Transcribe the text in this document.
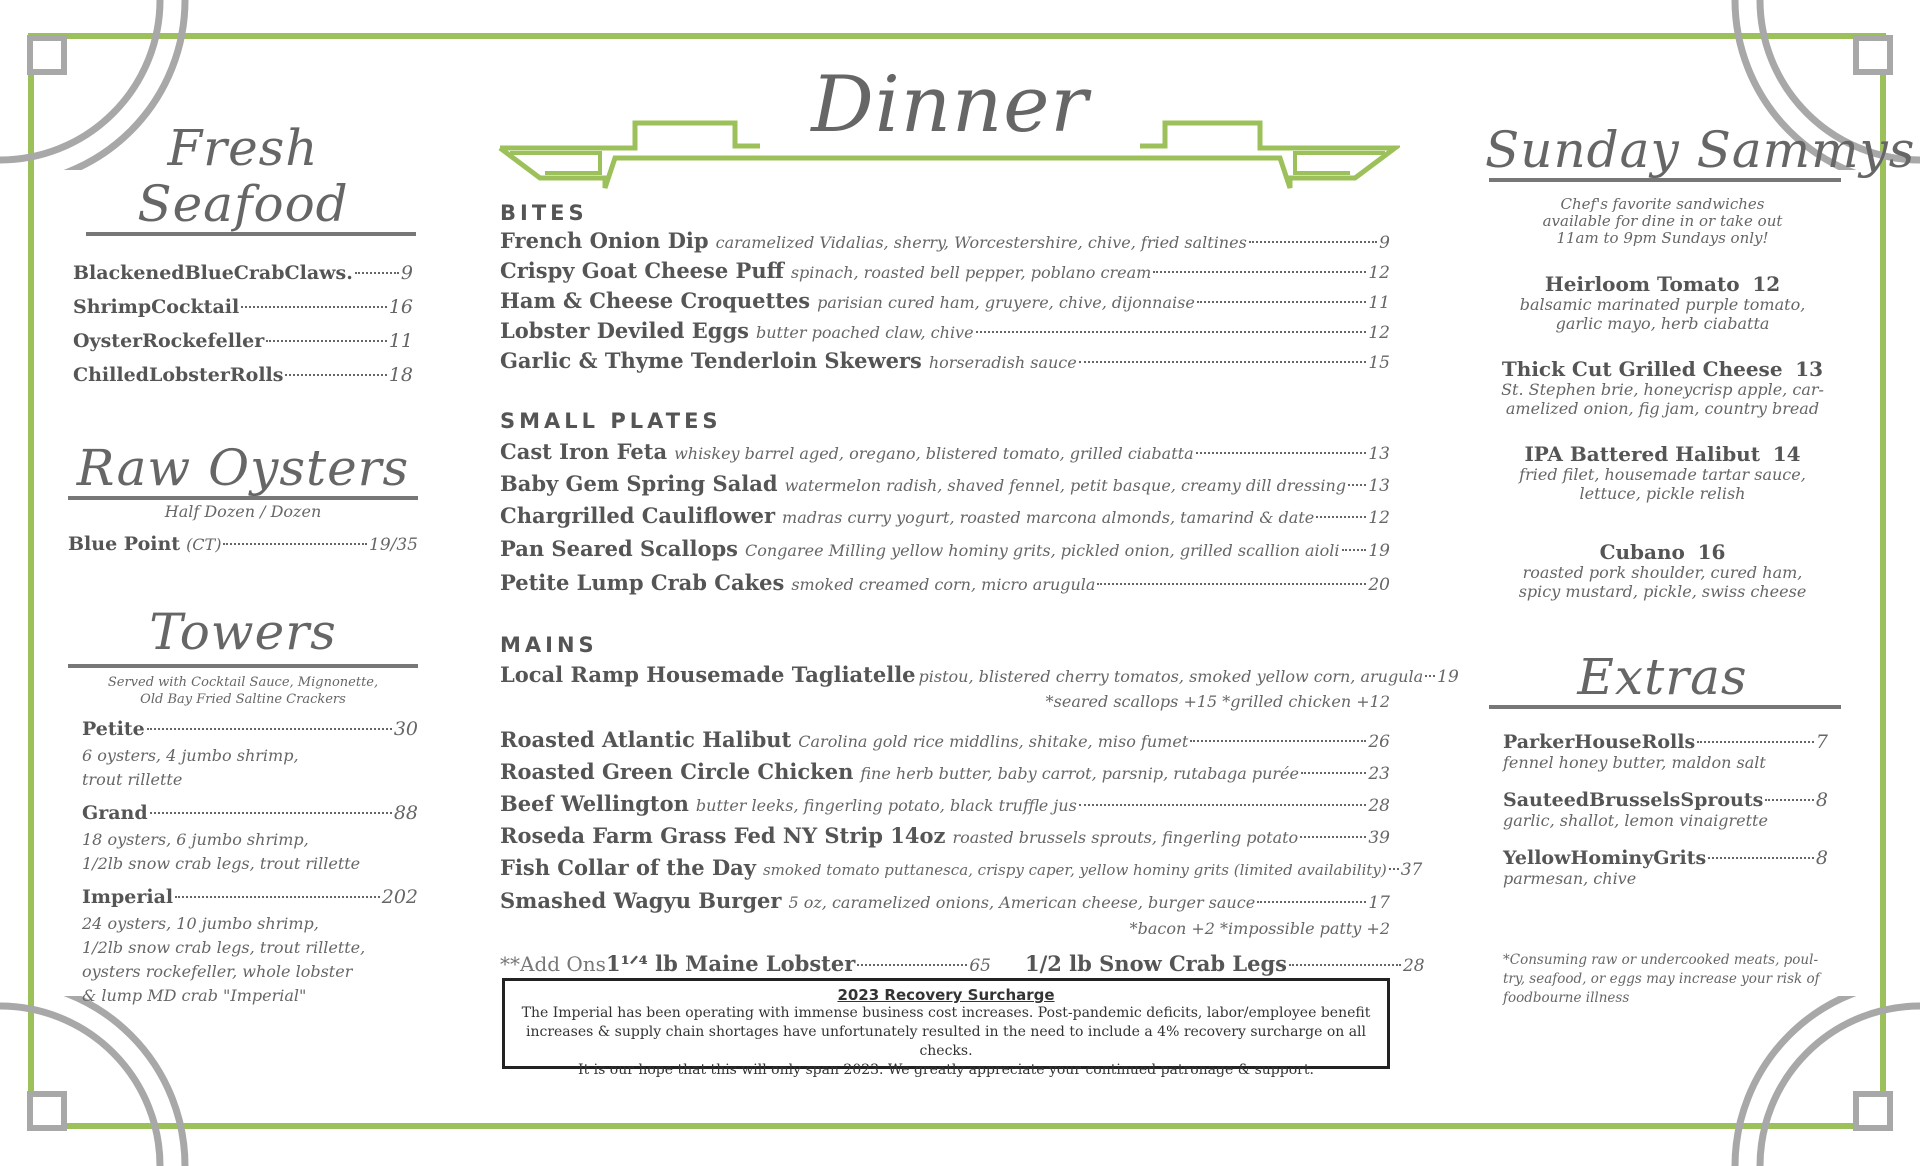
Dinner
Fresh Seafood
BlackenedBlueCrabClaws.	9
ShrimpCocktail	16
OysterRockefeller	11
ChilledLobsterRolls	18
Raw Oysters
Half Dozen / Dozen
Blue Point (CT)	19/35
Towers
Served with Cocktail Sauce, Mignonette,
Old Bay Fried Saltine Crackers
Petite	30
6 oysters, 4 jumbo shrimp,
trout rillette
Grand	88
18 oysters, 6 jumbo shrimp,
1/2lb snow crab legs, trout rillette
Imperial	202
24 oysters, 10 jumbo shrimp,
1/2lb snow crab legs, trout rillette,
oysters rockefeller, whole lobster
& lump MD crab "Imperial"
BITES
French Onion Dip caramelized Vidalias, sherry, Worcestershire, chive, fried saltines	9
Crispy Goat Cheese Puff spinach, roasted bell pepper, poblano cream	12
Ham & Cheese Croquettes parisian cured ham, gruyere, chive, dijonnaise	11
Lobster Deviled Eggs butter poached claw, chive	12
Garlic & Thyme Tenderloin Skewers horseradish sauce	15
SMALL PLATES
Cast Iron Feta whiskey barrel aged, oregano, blistered tomato, grilled ciabatta	13
Baby Gem Spring Salad watermelon radish, shaved fennel, petit basque, creamy dill dressing 13
Chargrilled Cauliflower madras curry yogurt, roasted marcona almonds, tamarind & date	12
Pan Seared Scallops Congaree Milling yellow hominy grits, pickled onion, grilled scallion aioli 19
Petite Lump Crab Cakes smoked creamed corn, micro arugula	20
MAINS
Local Ramp Housemade Tagliatelle pistou, blistered cherry tomatos, smoked yellow corn, arugula 19
*seared scallops +15 *grilled chicken +12
Roasted Atlantic Halibut Carolina gold rice middlins, shitake, miso fumet	26
Roasted Green Circle Chicken fine herb butter, baby carrot, parsnip, rutabaga purée	23
Beef Wellington butter leeks, fingerling potato, black truffle jus	28
Roseda Farm Grass Fed NY Strip 14oz roasted brussels sprouts, fingerling potato	39
Fish Collar of the Day smoked tomato puttanesca, crispy caper, yellow hominy grits (limited availability) 37
Smashed Wagyu Burger 5 oz, caramelized onions, American cheese, burger sauce	17
*bacon +2 *impossible patty +2
**Add Ons 1¹ᐟ⁴ lb Maine Lobster	65 1/2 lb Snow Crab Legs	28
2023 Recovery Surcharge
The Imperial has been operating with immense business cost increases. Post-pandemic deficits, labor/employee benefit
increases & supply chain shortages have unfortunately resulted in the need to include a 4% recovery surcharge on all checks.
It is our hope that this will only span 2023. We greatly appreciate your continued patronage & support.
Sunday Sammys
Chef's favorite sandwiches
available for dine in or take out
11am to 9pm Sundays only!
Heirloom Tomato 12
balsamic marinated purple tomato,
garlic mayo, herb ciabatta
Thick Cut Grilled Cheese 13
St. Stephen brie, honeycrisp apple, car-
amelized onion, fig jam, country bread
IPA Battered Halibut 14
fried filet, housemade tartar sauce,
lettuce, pickle relish
Cubano 16
roasted pork shoulder, cured ham,
spicy mustard, pickle, swiss cheese
Extras
ParkerHouseRolls	7
fennel honey butter, maldon salt
SauteedBrusselsSprouts	8
garlic, shallot, lemon vinaigrette
YellowHominyGrits	8
parmesan, chive
*Consuming raw or undercooked meats, poul-
try, seafood, or eggs may increase your risk of
foodbourne illness
